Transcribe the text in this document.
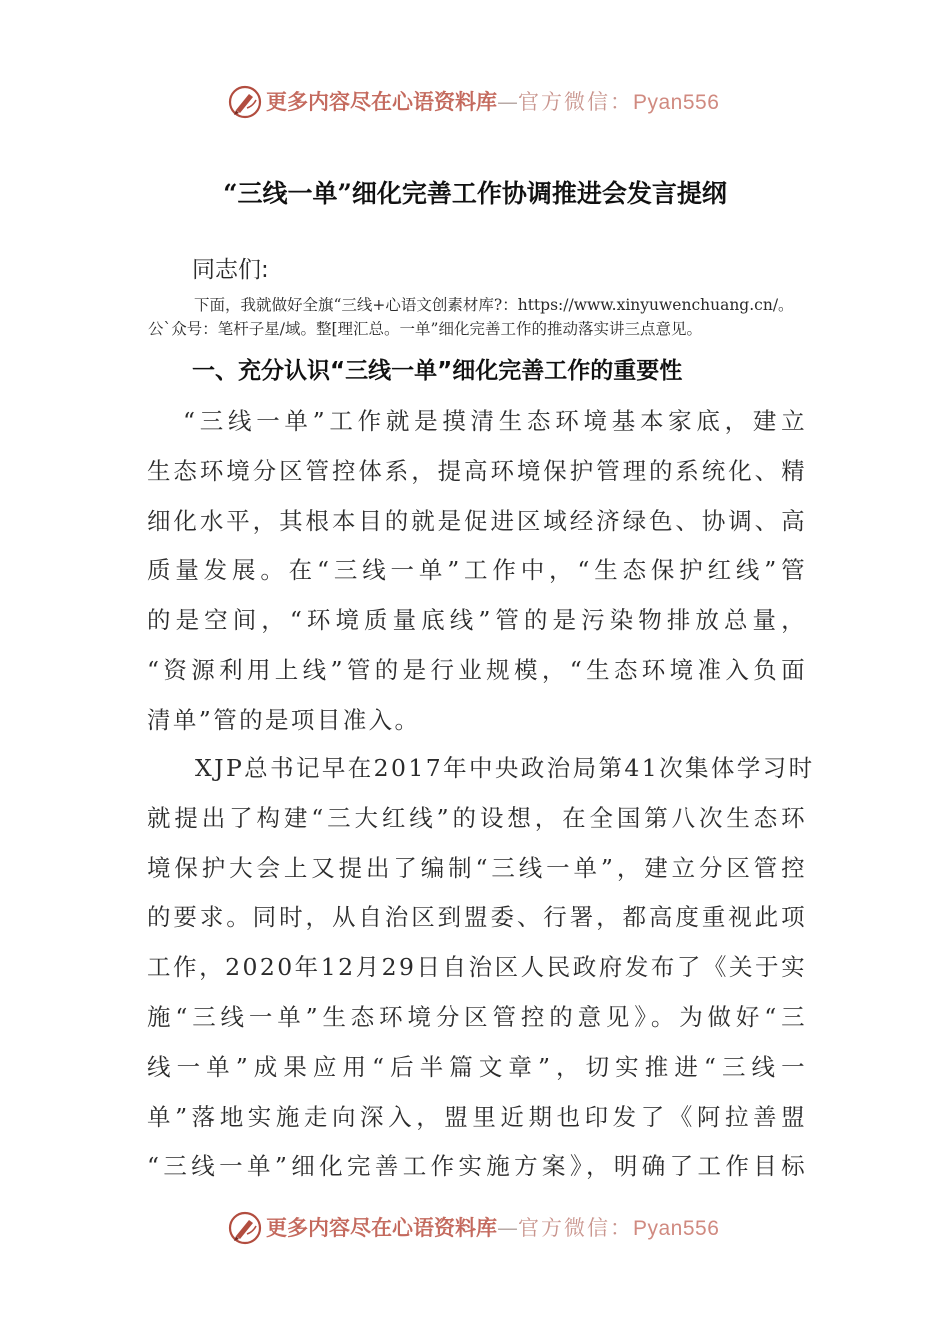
更多内容尽在心语资料库—官方微信：Pyan556
“三线一单”细化完善工作协调推进会发言提纲
同志们:
下面，我就做好全旗“三线+心语文创素材库?：https://www.xinyuwenchuang.cn/。
公`众号：笔杆子星/域。整[理汇总。一单”细化完善工作的推动落实讲三点意见。
一、充分认识“三线一单”细化完善工作的重要性
“三线一单”工作就是摸清生态环境基本家底，建立
生态环境分区管控体系，提高环境保护管理的系统化、精
细化水平，其根本目的就是促进区域经济绿色、协调、高
质量发展。在“三线一单”工作中，“生态保护红线”管
的是空间，“环境质量底线”管的是污染物排放总量，
“资源利用上线”管的是行业规模，“生态环境准入负面
清单”管的是项目准入。
XJP总书记早在2017年中央政治局第41次集体学习时
就提出了构建“三大红线”的设想，在全国第八次生态环
境保护大会上又提出了编制“三线一单”，建立分区管控
的要求。同时，从自治区到盟委、行署，都高度重视此项
工作，2020年12月29日自治区人民政府发布了《关于实
施“三线一单”生态环境分区管控的意见》。为做好“三
线一单”成果应用“后半篇文章”，切实推进“三线一
单”落地实施走向深入，盟里近期也印发了《阿拉善盟
“三线一单”细化完善工作实施方案》，明确了工作目标
更多内容尽在心语资料库—官方微信：Pyan556
